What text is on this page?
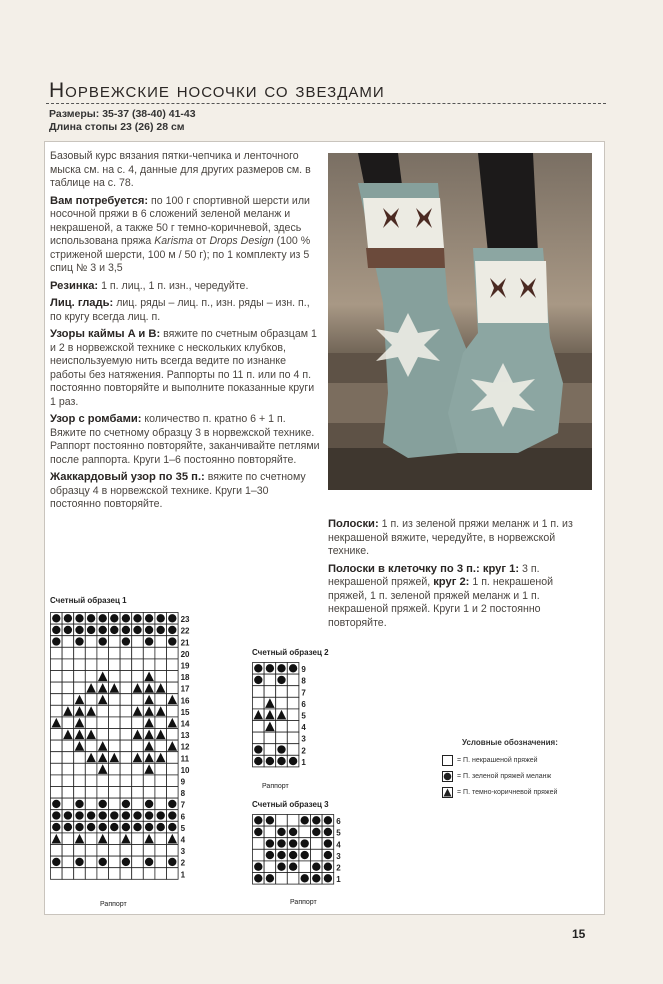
Норвежские носочки со звездами
Размеры: 35-37 (38-40) 41-43
Длина стопы 23 (26) 28 см

Базовый курс вязания пятки-чепчика и ленточного мыска см. на с. 4, данные для других размеров см. в таблице на с. 78.

Вам потребуется: по 100 г спортивной шерсти или носочной пряжи в 6 сложений зеленой меланж и некрашеной, а также 50 г темно-коричневой, здесь использована пряжа Karisma от Drops Design (100 % стриженой шерсти, 100 м / 50 г); по 1 комплекту из 5 спиц № 3 и 3,5

Резинка: 1 п. лиц., 1 п. изн., чередуйте.

Лиц. гладь: лиц. ряды – лиц. п., изн. ряды – изн. п., по кругу всегда лиц. п.

Узоры каймы A и B: вяжите по счетным образцам 1 и 2 в норвежской технике с нескольких клубков, неиспользуемую нить всегда ведите по изнанке работы без натяжения. Раппорты по 11 п. или по 4 п. постоянно повторяйте и выполните показанные круги 1 раз.

Узор с ромбами: количество п. кратно 6 + 1 п. Вяжите по счетному образцу 3 в норвежской технике. Раппорт постоянно повторяйте, заканчивайте петлями после раппорта. Круги 1–6 постоянно повторяйте.

Жаккардовый узор по 35 п.: вяжите по счетному образцу 4 в норвежской технике. Круги 1–30 постоянно повторяйте.

Полоски: 1 п. из зеленой пряжи меланж и 1 п. из некрашеной вяжите, чередуйте, в норвежской технике.

Полоски в клеточку по 3 п.: круг 1: 3 п. некрашеной пряжей, круг 2: 1 п. некрашеной пряжей, 1 п. зеленой пряжей меланж и 1 п. некрашеной пряжей. Круги 1 и 2 постоянно повторяйте.

Счетный образец 1
23
22
21
20
19
18
17
16
15
14
13
12
11
10
9
8
7
6
5
4
3
2
1
Счетный образец 2
9
8
7
6
5
4
3
2
1
Счетный образец 3
6
5
4
3
2
1
Раппорт
Раппорт
Раппорт
Условные обозначения:
= П. некрашеной пряжей
= П. зеленой пряжей меланж
= П. темно-коричневой пряжей
15
